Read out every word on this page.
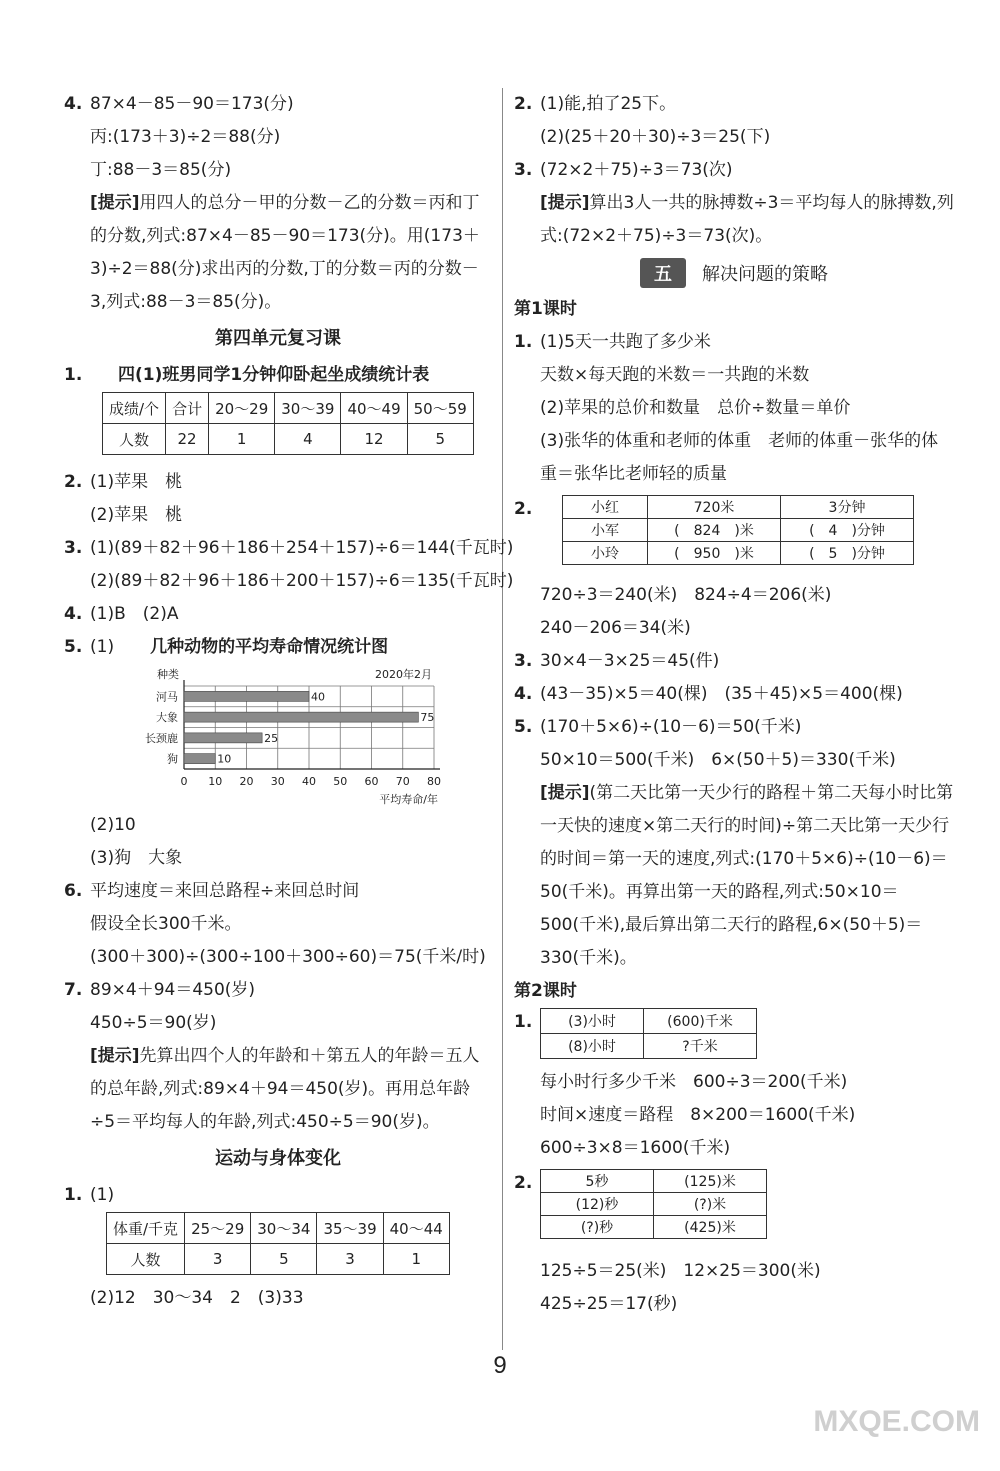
4. 87×4－85－90＝173(分)
丙:(173＋3)÷2＝88(分)
丁:88－3＝85(分)
[提示]用四人的总分－甲的分数－乙的分数＝丙和丁的分数,列式:87×4－85－90＝173(分)。用(173＋3)÷2＝88(分)求出丙的分数,丁的分数＝丙的分数－3,列式:88－3＝85(分)。
第四单元复习课
1. 四(1)班男同学1分钟仰卧起坐成绩统计表
成绩/个	合计	20～29	30～39	40～49	50～59
人数	22	1	4	12	5
2. (1)苹果　桃
(2)苹果　桃
3. (1)(89＋82＋96＋186＋254＋157)÷6＝144(千瓦时)
(2)(89＋82＋96＋186＋200＋157)÷6＝135(千瓦时)
4. (1)B　(2)A
5. (1) 几种动物的平均寿命情况统计图
0 10 20 30 40 50 60 70 80
种类	2020年2月
平均寿命/年
河马	40
大象	75
长颈鹿	25
狗	10
(2)10
(3)狗　大象
6. 平均速度＝来回总路程÷来回总时间
假设全长300千米。
(300＋300)÷(300÷100＋300÷60)＝75(千米/时)
7. 89×4＋94＝450(岁)
450÷5＝90(岁)
[提示]先算出四个人的年龄和＋第五人的年龄＝五人的总年龄,列式:89×4＋94＝450(岁)。再用总年龄÷5＝平均每人的年龄,列式:450÷5＝90(岁)。
运动与身体变化
1. (1)
体重/千克	25～29	30～34	35～39	40～44
人数	3	5	3	1
(2)12　30～34　2　(3)33
2. (1)能,拍了25下。
(2)(25＋20＋30)÷3＝25(下)
3. (72×2＋75)÷3＝73(次)
[提示]算出3人一共的脉搏数÷3＝平均每人的脉搏数,列式:(72×2＋75)÷3＝73(次)。
五	解决问题的策略
第1课时
1. (1)5天一共跑了多少米
天数×每天跑的米数＝一共跑的米数
(2)苹果的总价和数量　总价÷数量＝单价
(3)张华的体重和老师的体重　老师的体重－张华的体重＝张华比老师轻的质量
2.	小红	720米	3分钟
小军	(　824　)米	(　4　)分钟
小玲	(　950　)米	(　5　)分钟
720÷3＝240(米)　824÷4＝206(米)
240－206＝34(米)
3. 30×4－3×25＝45(件)
4. (43－35)×5＝40(棵)　(35＋45)×5＝400(棵)
5. (170＋5×6)÷(10－6)＝50(千米)
50×10＝500(千米)　6×(50＋5)＝330(千米)
[提示](第二天比第一天少行的路程＋第二天每小时比第一天快的速度×第二天行的时间)÷第二天比第一天少行的时间＝第一天的速度,列式:(170＋5×6)÷(10－6)＝50(千米)。再算出第一天的路程,列式:50×10＝500(千米),最后算出第二天行的路程,6×(50＋5)＝330(千米)。
第2课时
1.	(3)小时	(600)千米
(8)小时	?千米
每小时行多少千米　600÷3＝200(千米)
时间×速度＝路程　8×200＝1600(千米)
600÷3×8＝1600(千米)
2.	5秒	(125)米
(12)秒	(?)米
(?)秒	(425)米
125÷5＝25(米)　12×25＝300(米)
425÷25＝17(秒)
9
MXQE.COM
